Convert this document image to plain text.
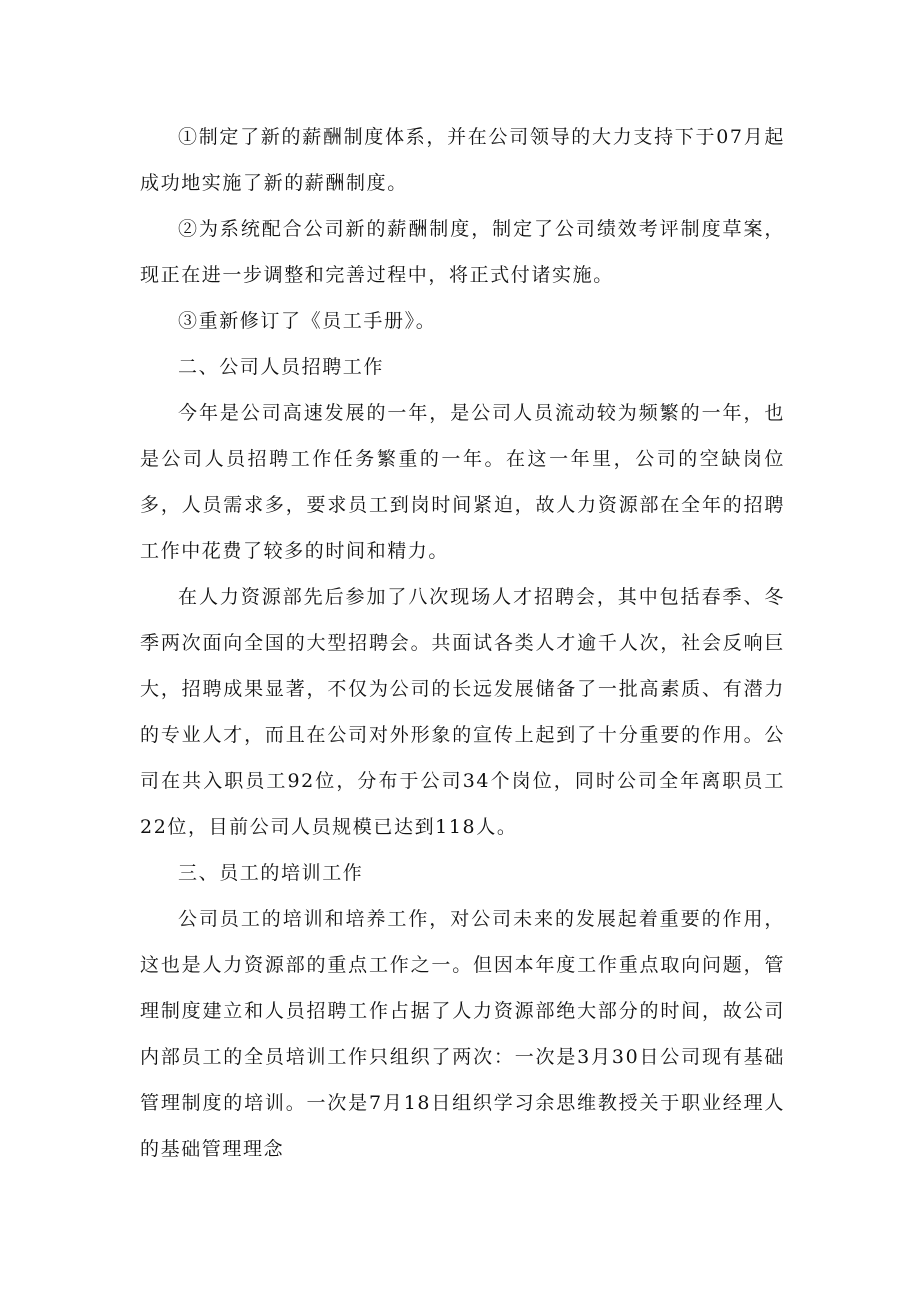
①制定了新的薪酬制度体系，并在公司领导的大力支持下于07月起成功地实施了新的薪酬制度。

②为系统配合公司新的薪酬制度，制定了公司绩效考评制度草案，现正在进一步调整和完善过程中，将正式付诸实施。

③重新修订了《员工手册》。

二、公司人员招聘工作

今年是公司高速发展的一年，是公司人员流动较为频繁的一年，也是公司人员招聘工作任务繁重的一年。在这一年里，公司的空缺岗位多，人员需求多，要求员工到岗时间紧迫，故人力资源部在全年的招聘工作中花费了较多的时间和精力。

在人力资源部先后参加了八次现场人才招聘会，其中包括春季、冬季两次面向全国的大型招聘会。共面试各类人才逾千人次，社会反响巨大，招聘成果显著，不仅为公司的长远发展储备了一批高素质、有潜力的专业人才，而且在公司对外形象的宣传上起到了十分重要的作用。公司在共入职员工92位，分布于公司34个岗位，同时公司全年离职员工22位，目前公司人员规模已达到118人。

三、员工的培训工作

公司员工的培训和培养工作，对公司未来的发展起着重要的作用，这也是人力资源部的重点工作之一。但因本年度工作重点取向问题，管理制度建立和人员招聘工作占据了人力资源部绝大部分的时间，故公司内部员工的全员培训工作只组织了两次：一次是3月30日公司现有基础管理制度的培训。一次是7月18日组织学习余思维教授关于职业经理人的基础管理理念
